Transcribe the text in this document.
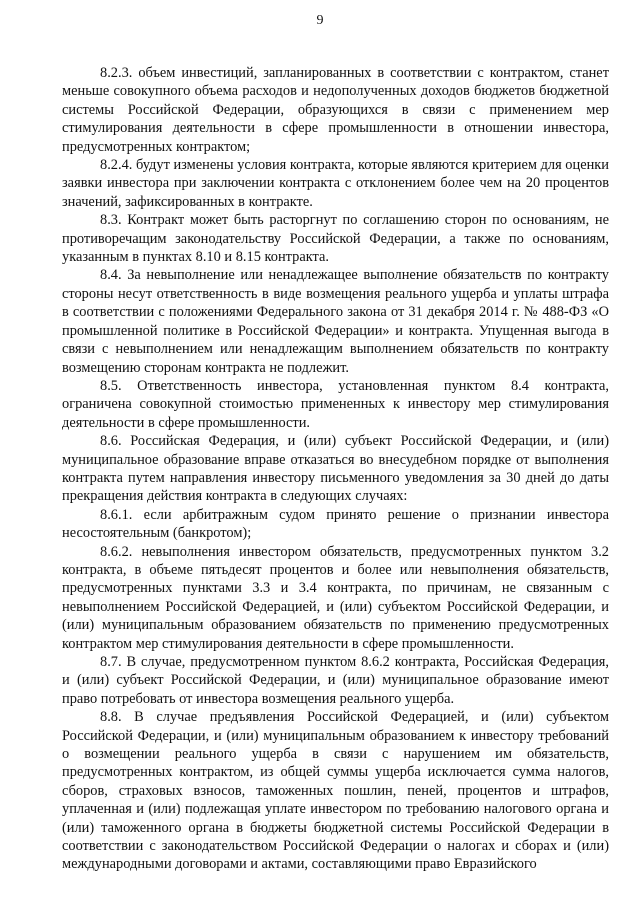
9

8.2.3. объем инвестиций, запланированных в соответствии с контрактом, станет меньше совокупного объема расходов и недополученных доходов бюджетов бюджетной системы Российской Федерации, образующихся в связи с применением мер стимулирования деятельности в сфере промышленности в отношении инвестора, предусмотренных контрактом;

8.2.4. будут изменены условия контракта, которые являются критерием для оценки заявки инвестора при заключении контракта с отклонением более чем на 20 процентов значений, зафиксированных в контракте.

8.3. Контракт может быть расторгнут по соглашению сторон по основаниям, не противоречащим законодательству Российской Федерации, а также по основаниям, указанным в пунктах 8.10 и 8.15 контракта.

8.4. За невыполнение или ненадлежащее выполнение обязательств по контракту стороны несут ответственность в виде возмещения реального ущерба и уплаты штрафа в соответствии с положениями Федерального закона от 31 декабря 2014 г. № 488-ФЗ «О промышленной политике в Российской Федерации» и контракта. Упущенная выгода в связи с невыполнением или ненадлежащим выполнением обязательств по контракту возмещению сторонам контракта не подлежит.

8.5. Ответственность инвестора, установленная пунктом 8.4 контракта, ограничена совокупной стоимостью примененных к инвестору мер стимулирования деятельности в сфере промышленности.

8.6. Российская Федерация, и (или) субъект Российской Федерации, и (или) муниципальное образование вправе отказаться во внесудебном порядке от выполнения контракта путем направления инвестору письменного уведомления за 30 дней до даты прекращения действия контракта в следующих случаях:

8.6.1. если арбитражным судом принято решение о признании инвестора несостоятельным (банкротом);

8.6.2. невыполнения инвестором обязательств, предусмотренных пунктом 3.2 контракта, в объеме пятьдесят процентов и более или невыполнения обязательств, предусмотренных пунктами 3.3 и 3.4 контракта, по причинам, не связанным с невыполнением Российской Федерацией, и (или) субъектом Российской Федерации, и (или) муниципальным образованием обязательств по применению предусмотренных контрактом мер стимулирования деятельности в сфере промышленности.

8.7. В случае, предусмотренном пунктом 8.6.2 контракта, Российская Федерация, и (или) субъект Российской Федерации, и (или) муниципальное образование имеют право потребовать от инвестора возмещения реального ущерба.

8.8. В случае предъявления Российской Федерацией, и (или) субъектом Российской Федерации, и (или) муниципальным образованием к инвестору требований о возмещении реального ущерба в связи с нарушением им обязательств, предусмотренных контрактом, из общей суммы ущерба исключается сумма налогов, сборов, страховых взносов, таможенных пошлин, пеней, процентов и штрафов, уплаченная и (или) подлежащая уплате инвестором по требованию налогового органа и (или) таможенного органа в бюджеты бюджетной системы Российской Федерации в соответствии с законодательством Российской Федерации о налогах и сборах и (или) международными договорами и актами, составляющими право Евразийского
